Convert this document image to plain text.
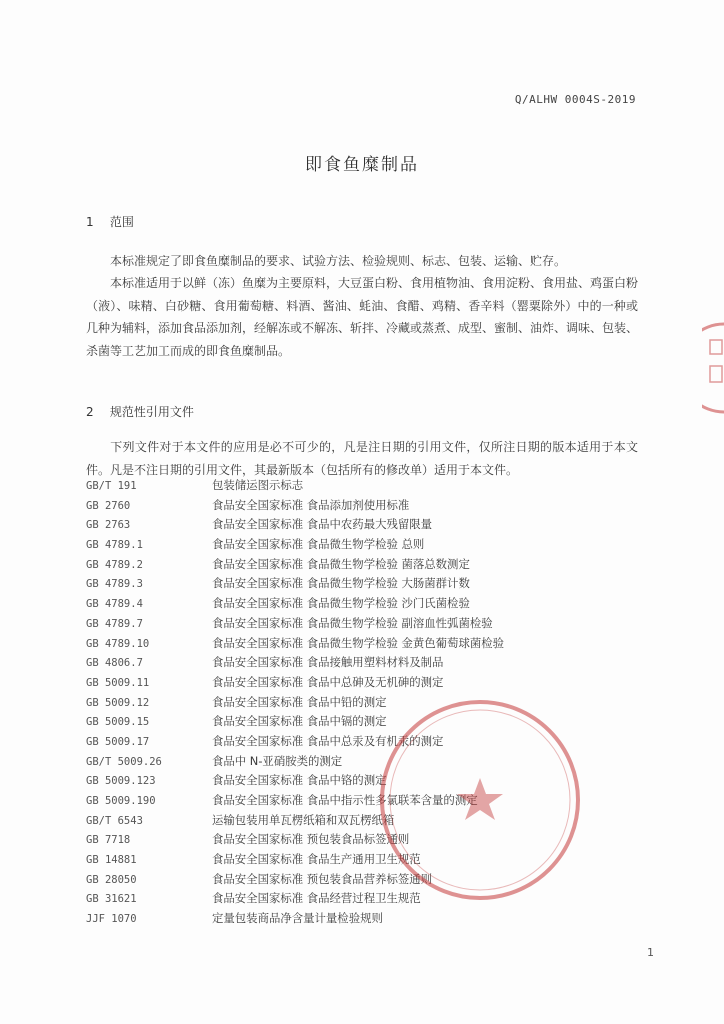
Q/ALHW 0004S-2019
即食鱼糜制品
1 范围
本标准规定了即食鱼糜制品的要求、试验方法、检验规则、标志、包装、运输、贮存。
本标准适用于以鲜（冻）鱼糜为主要原料，大豆蛋白粉、食用植物油、食用淀粉、食用盐、鸡蛋白粉（液）、味精、白砂糖、食用葡萄糖、料酒、酱油、蚝油、食醋、鸡精、香辛料（罂粟除外）中的一种或几种为辅料，添加食品添加剂，经解冻或不解冻、斩拌、冷藏或蒸煮、成型、蜜制、油炸、调味、包装、杀菌等工艺加工而成的即食鱼糜制品。
2 规范性引用文件
下列文件对于本文件的应用是必不可少的，凡是注日期的引用文件，仅所注日期的版本适用于本文件。凡是不注日期的引用文件，其最新版本（包括所有的修改单）适用于本文件。
GB/T 191	包装储运图示标志
GB 2760	食品安全国家标准 食品添加剂使用标准
GB 2763	食品安全国家标准 食品中农药最大残留限量
GB 4789.1	食品安全国家标准 食品微生物学检验 总则
GB 4789.2	食品安全国家标准 食品微生物学检验 菌落总数测定
GB 4789.3	食品安全国家标准 食品微生物学检验 大肠菌群计数
GB 4789.4	食品安全国家标准 食品微生物学检验 沙门氏菌检验
GB 4789.7	食品安全国家标准 食品微生物学检验 副溶血性弧菌检验
GB 4789.10	食品安全国家标准 食品微生物学检验 金黄色葡萄球菌检验
GB 4806.7	食品安全国家标准 食品接触用塑料材料及制品
GB 5009.11	食品安全国家标准 食品中总砷及无机砷的测定
GB 5009.12	食品安全国家标准 食品中铅的测定
GB 5009.15	食品安全国家标准 食品中镉的测定
GB 5009.17	食品安全国家标准 食品中总汞及有机汞的测定
GB/T 5009.26	食品中 N-亚硝胺类的测定
GB 5009.123	食品安全国家标准 食品中铬的测定
GB 5009.190	食品安全国家标准 食品中指示性多氯联苯含量的测定
GB/T 6543	运输包装用单瓦楞纸箱和双瓦楞纸箱
GB 7718	食品安全国家标准 预包装食品标签通则
GB 14881	食品安全国家标准 食品生产通用卫生规范
GB 28050	食品安全国家标准 预包装食品营养标签通则
GB 31621	食品安全国家标准 食品经营过程卫生规范
JJF 1070	定量包装商品净含量计量检验规则
1
